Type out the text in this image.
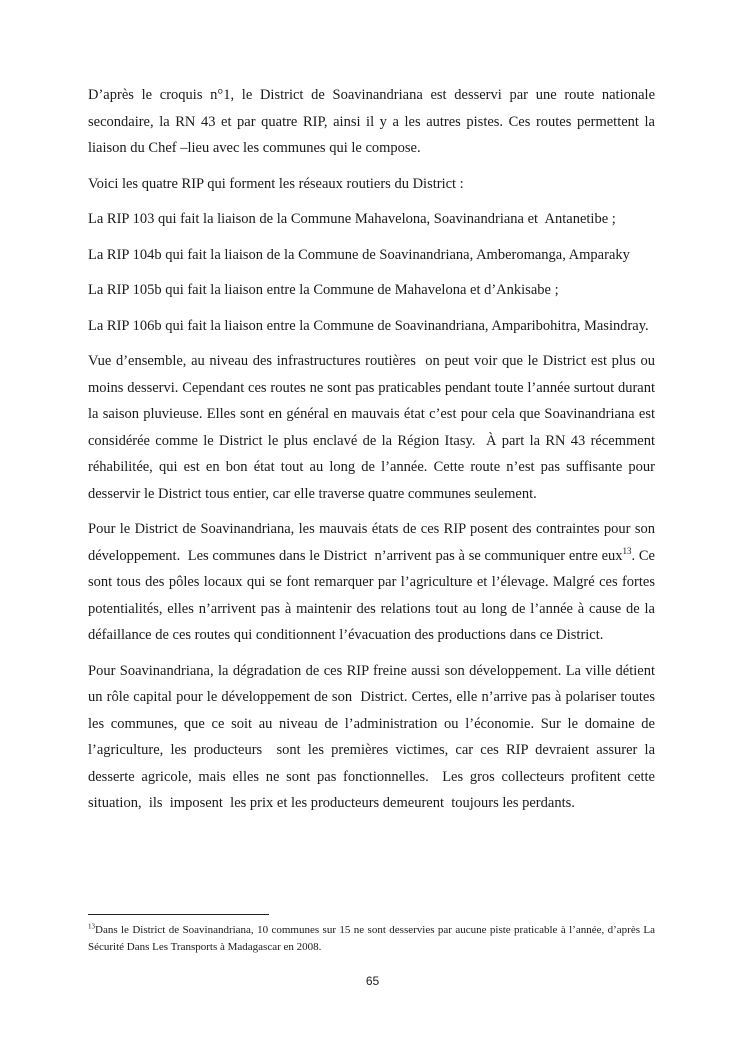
D’après le croquis n°1, le District de Soavinandriana est desservi par une route nationale secondaire, la RN 43 et par quatre RIP, ainsi il y a les autres pistes. Ces routes permettent la liaison du Chef –lieu avec les communes qui le compose.

Voici les quatre RIP qui forment les réseaux routiers du District :

La RIP 103 qui fait la liaison de la Commune Mahavelona, Soavinandriana et  Antanetibe ;

La RIP 104b qui fait la liaison de la Commune de Soavinandriana, Amberomanga, Amparaky

La RIP 105b qui fait la liaison entre la Commune de Mahavelona et d’Ankisabe ;

La RIP 106b qui fait la liaison entre la Commune de Soavinandriana, Amparibohitra, Masindray.

Vue d’ensemble, au niveau des infrastructures routières  on peut voir que le District est plus ou moins desservi. Cependant ces routes ne sont pas praticables pendant toute l’année surtout durant la saison pluvieuse. Elles sont en général en mauvais état c’est pour cela que Soavinandriana est considérée comme le District le plus enclavé de la Région Itasy.  À part la RN 43 récemment réhabilitée, qui est en bon état tout au long de l’année. Cette route n’est pas suffisante pour desservir le District tous entier, car elle traverse quatre communes seulement.

Pour le District de Soavinandriana, les mauvais états de ces RIP posent des contraintes pour son développement.  Les communes dans le District  n’arrivent pas à se communiquer entre eux$^{13}$. Ce sont tous des pôles locaux qui se font remarquer par l’agriculture et l’élevage. Malgré ces fortes potentialités, elles n’arrivent pas à maintenir des relations tout au long de l’année à cause de la défaillance de ces routes qui conditionnent l’évacuation des productions dans ce District.

Pour Soavinandriana, la dégradation de ces RIP freine aussi son développement. La ville détient un rôle capital pour le développement de son  District. Certes, elle n’arrive pas à polariser toutes les communes, que ce soit au niveau de l’administration ou l’économie. Sur le domaine de l’agriculture, les producteurs  sont les premières victimes, car ces RIP devraient assurer la desserte agricole, mais elles ne sont pas fonctionnelles.  Les gros collecteurs profitent cette situation,  ils  imposent  les prix et les producteurs demeurent  toujours les perdants.

$^{13}$Dans le District de Soavinandriana, 10 communes sur 15 ne sont desservies par aucune piste praticable à l’année, d’après La Sécurité Dans Les Transports à Madagascar en 2008.

65
